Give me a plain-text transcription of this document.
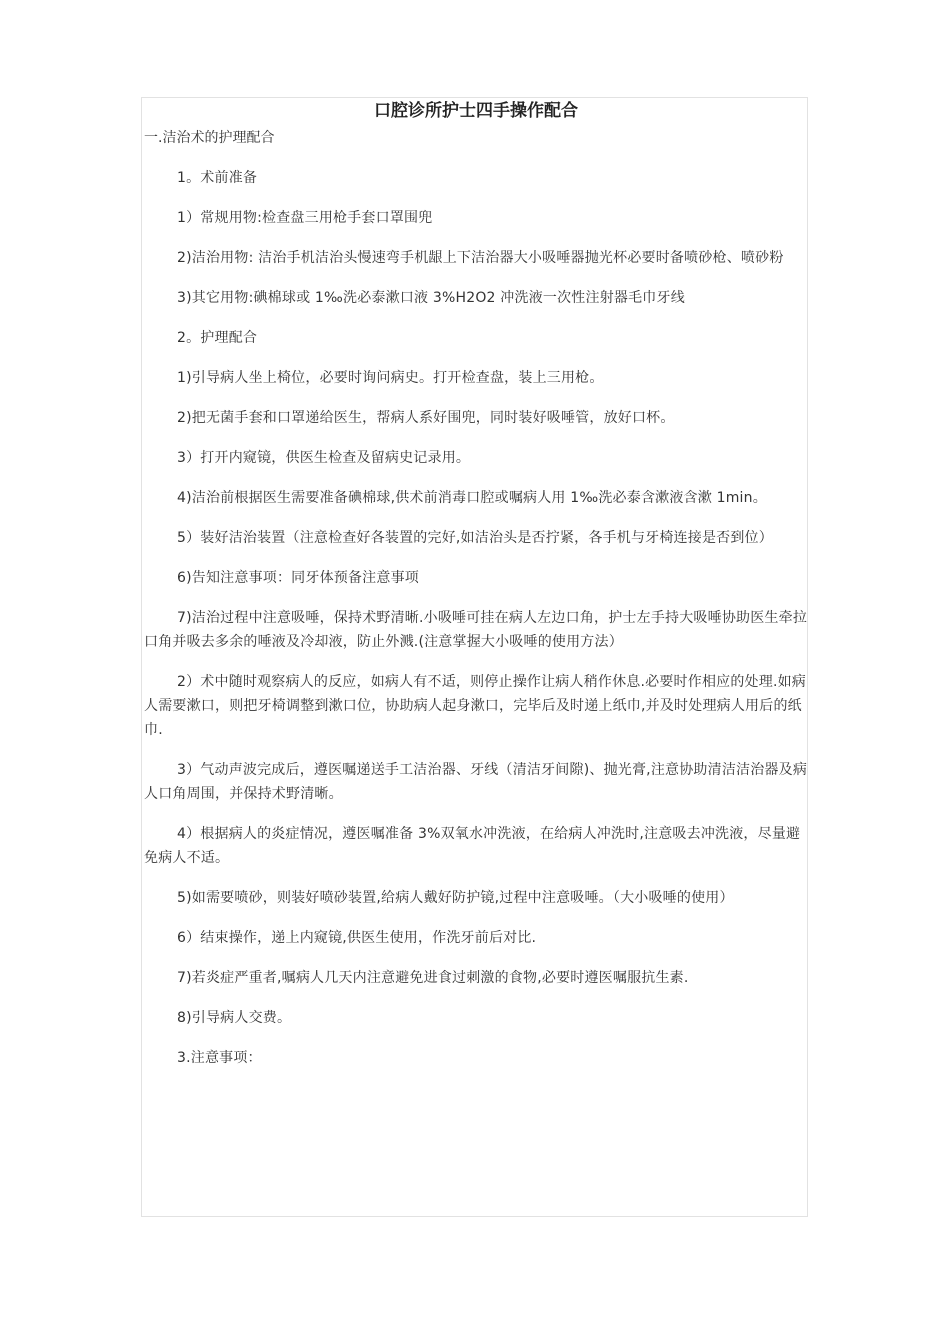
口腔诊所护士四手操作配合
一.洁治术的护理配合

1。术前准备

1）常规用物:检查盘三用枪手套口罩围兜

2)洁治用物: 洁治手机洁治头慢速弯手机龈上下洁治器大小吸唾器抛光杯必要时备喷砂枪、喷砂粉

3)其它用物:碘棉球或 1‰洗必泰漱口液 3%H2O2 冲洗液一次性注射器毛巾牙线

2。护理配合

1)引导病人坐上椅位，必要时询问病史。打开检查盘，装上三用枪。

2)把无菌手套和口罩递给医生，帮病人系好围兜，同时装好吸唾管，放好口杯。

3）打开内窥镜，供医生检查及留病史记录用。

4)洁治前根据医生需要准备碘棉球,供术前消毒口腔或嘱病人用 1‰洗必泰含漱液含漱 1min。

5）装好洁治装置（注意检查好各装置的完好,如洁治头是否拧紧，各手机与牙椅连接是否到位）

6)告知注意事项：同牙体预备注意事项

7)洁治过程中注意吸唾，保持术野清晰.小吸唾可挂在病人左边口角，护士左手持大吸唾协助医生牵拉口角并吸去多余的唾液及冷却液，防止外溅.(注意掌握大小吸唾的使用方法）

2）术中随时观察病人的反应，如病人有不适，则停止操作让病人稍作休息.必要时作相应的处理.如病人需要漱口，则把牙椅调整到漱口位，协助病人起身漱口，完毕后及时递上纸巾,并及时处理病人用后的纸巾.

3）气动声波完成后，遵医嘱递送手工洁治器、牙线（清洁牙间隙)、抛光膏,注意协助清洁洁治器及病人口角周围，并保持术野清晰。

4）根据病人的炎症情况，遵医嘱准备 3%双氧水冲洗液，在给病人冲洗时,注意吸去冲洗液，尽量避免病人不适。

5)如需要喷砂，则装好喷砂装置,给病人戴好防护镜,过程中注意吸唾。（大小吸唾的使用）

6）结束操作，递上内窥镜,供医生使用，作洗牙前后对比.

7)若炎症严重者,嘱病人几天内注意避免进食过刺激的食物,必要时遵医嘱服抗生素.

8)引导病人交费。

3.注意事项：
